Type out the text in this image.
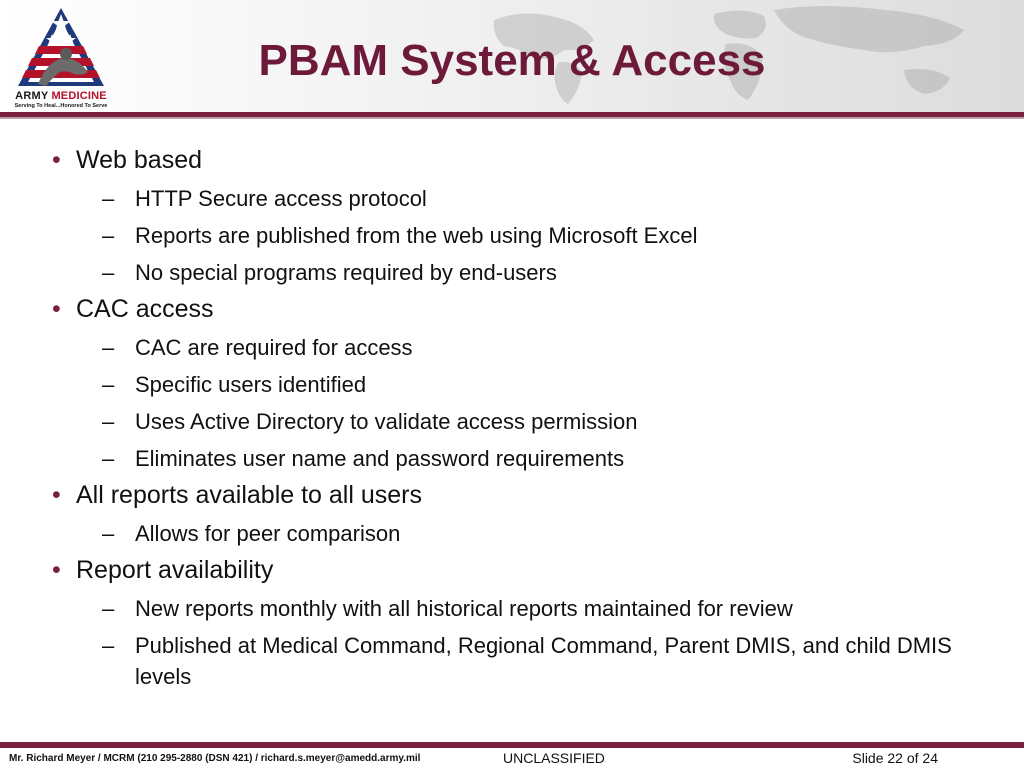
ARMY MEDICINE
Serving To Heal...Honored To Serve
PBAM System & Access
• Web based
– HTTP Secure access protocol
– Reports are published from the web using Microsoft Excel
– No special programs required by end-users
• CAC access
– CAC are required for access
– Specific users identified
– Uses Active Directory to validate access permission
– Eliminates user name and password requirements
• All reports available to all users
– Allows for peer comparison
• Report availability
– New reports monthly with all historical reports maintained for review
– Published at Medical Command, Regional Command, Parent DMIS, and child DMIS levels
Mr. Richard Meyer / MCRM (210 295-2880 (DSN 421) / richard.s.meyer@amedd.army.mil	UNCLASSIFIED	Slide 22 of 24
